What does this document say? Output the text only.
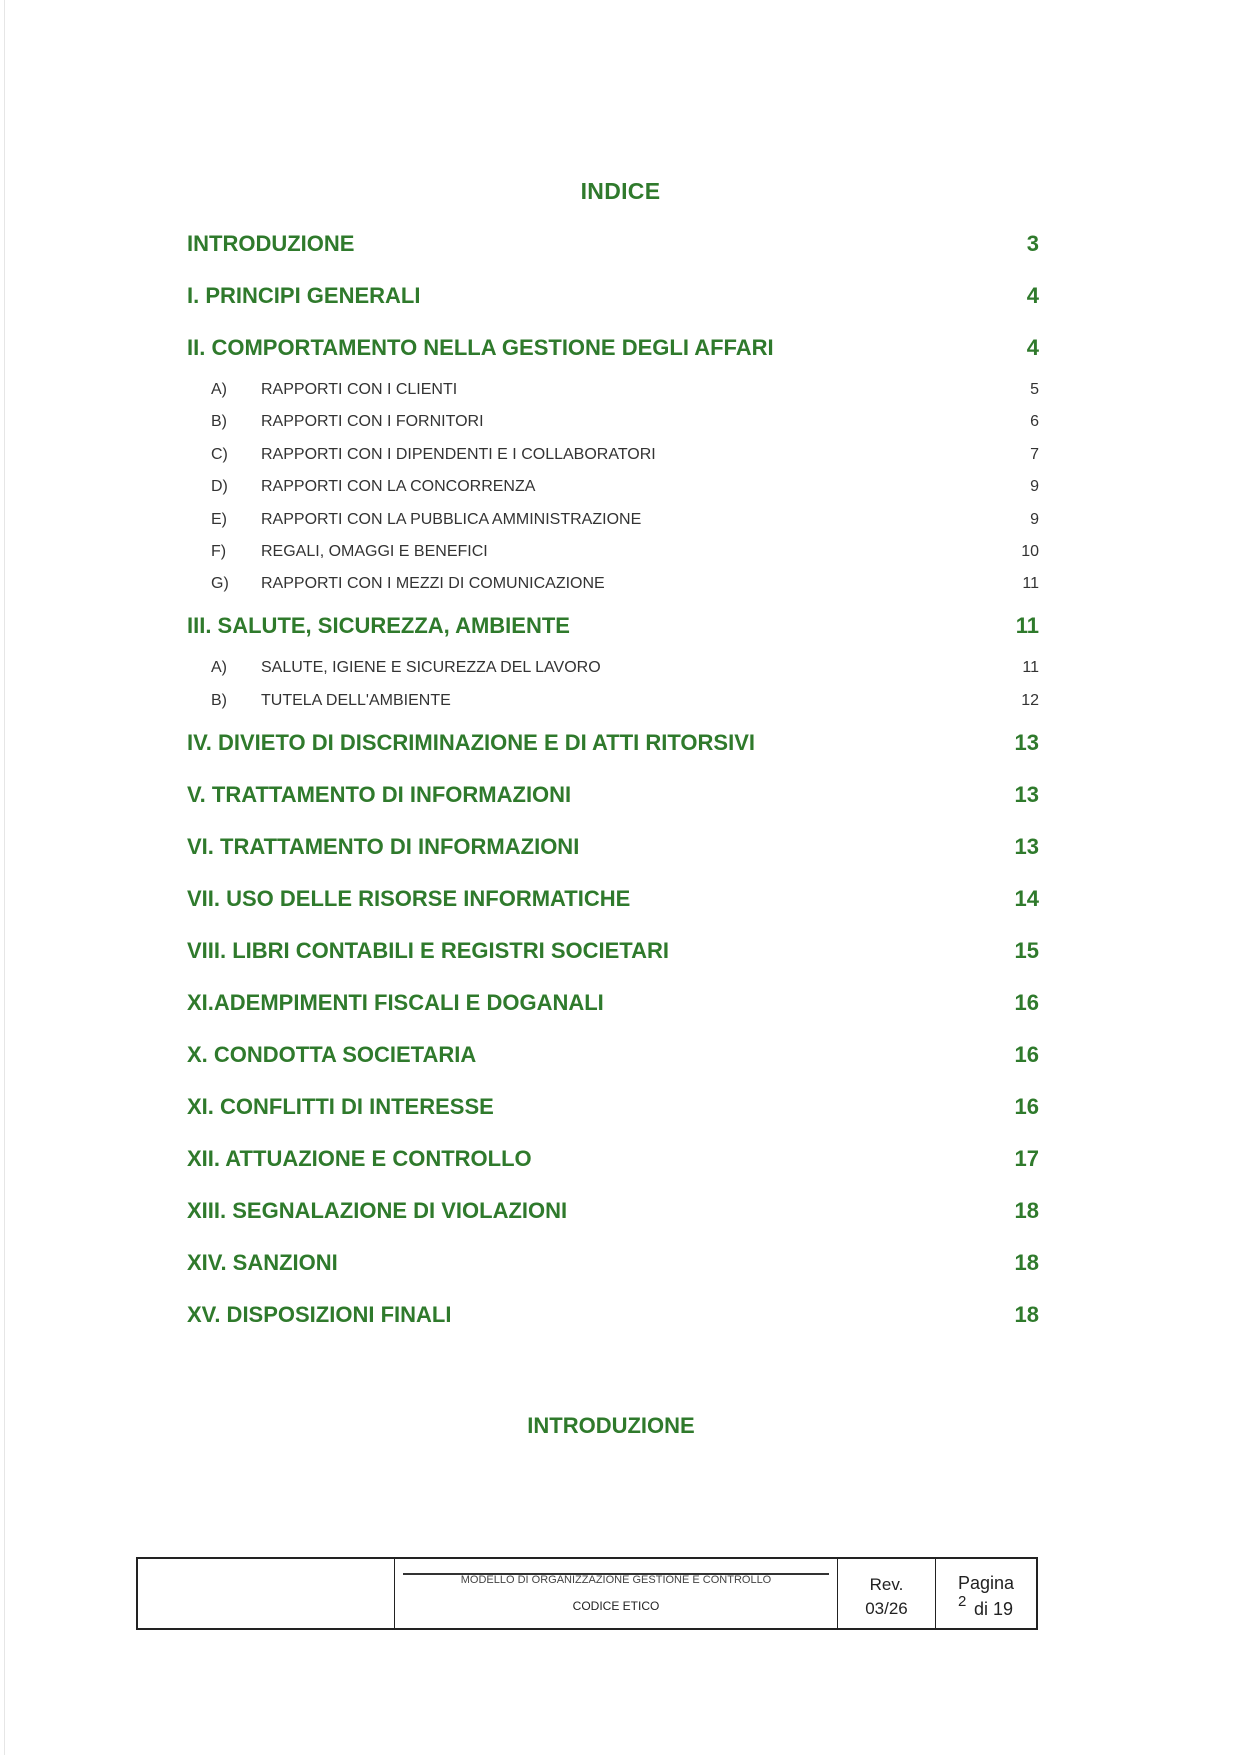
INDICE
INTRODUZIONE	3
I. PRINCIPI GENERALI	4
II. COMPORTAMENTO NELLA GESTIONE DEGLI AFFARI	4
A) RAPPORTI CON I CLIENTI	5
B) RAPPORTI CON I FORNITORI	6
C) RAPPORTI CON I DIPENDENTI E I COLLABORATORI	7
D) RAPPORTI CON LA CONCORRENZA	9
E) RAPPORTI CON LA PUBBLICA AMMINISTRAZIONE	9
F) REGALI, OMAGGI E BENEFICI	10
G) RAPPORTI CON I MEZZI DI COMUNICAZIONE	11
III. SALUTE, SICUREZZA, AMBIENTE	11
A) SALUTE, IGIENE E SICUREZZA DEL LAVORO	11
B) TUTELA DELL'AMBIENTE	12
IV. DIVIETO DI DISCRIMINAZIONE E DI ATTI RITORSIVI	13
V. TRATTAMENTO DI INFORMAZIONI	13
VI. TRATTAMENTO DI INFORMAZIONI	13
VII. USO DELLE RISORSE INFORMATICHE	14
VIII. LIBRI CONTABILI E REGISTRI SOCIETARI	15
XI.ADEMPIMENTI FISCALI E DOGANALI	16
X. CONDOTTA SOCIETARIA	16
XI. CONFLITTI DI INTERESSE	16
XII. ATTUAZIONE E CONTROLLO	17
XIII. SEGNALAZIONE DI VIOLAZIONI	18
XIV. SANZIONI	18
XV. DISPOSIZIONI FINALI	18
INTRODUZIONE
MODELLO DI ORGANIZZAZIONE GESTIONE E CONTROLLO
CODICE ETICO
Rev.
03/26
Pagina
2 di 19
